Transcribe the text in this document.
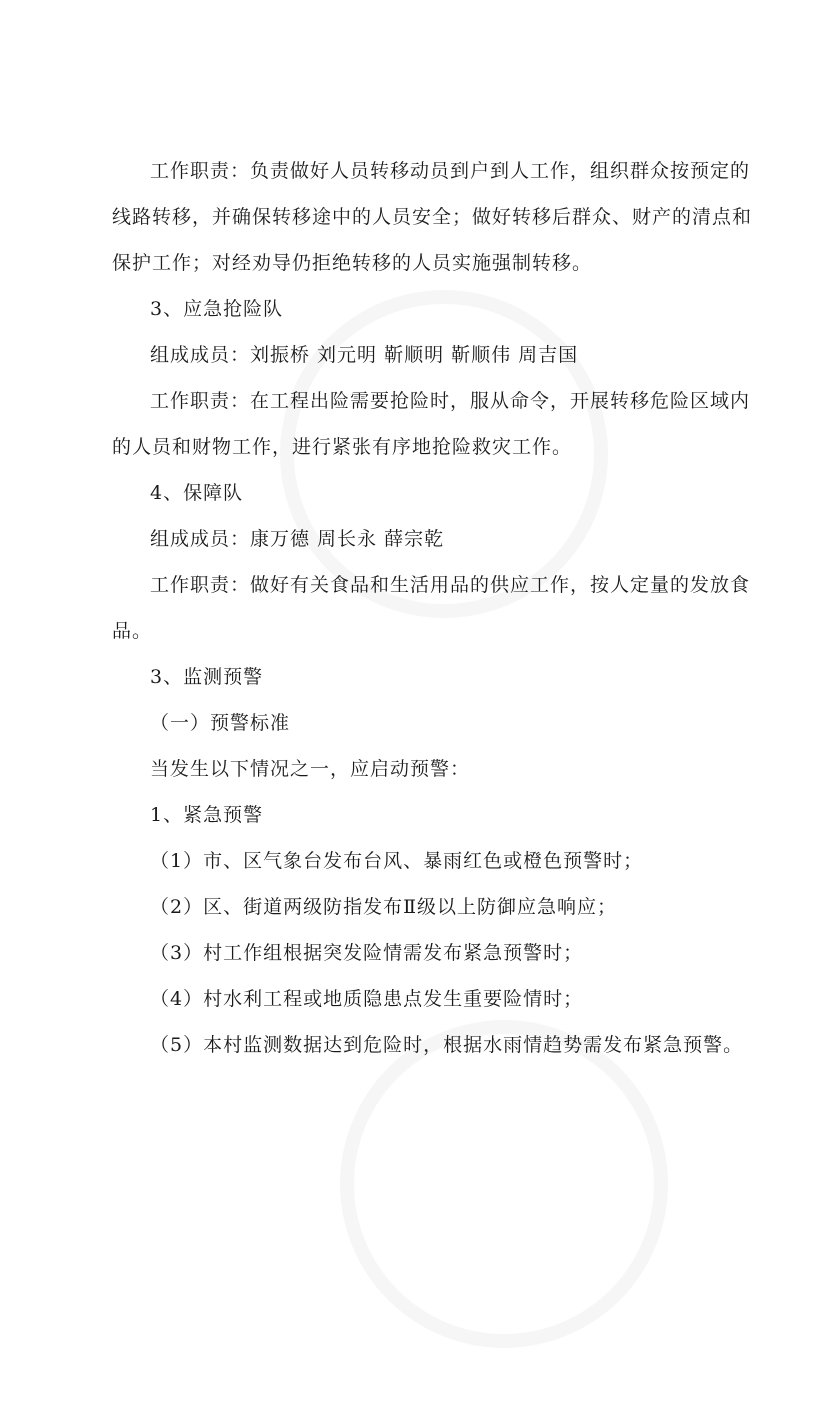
工作职责：负责做好人员转移动员到户到人工作，组织群众按预定的
线路转移，并确保转移途中的人员安全；做好转移后群众、财产的清点和
保护工作；对经劝导仍拒绝转移的人员实施强制转移。
3、应急抢险队
组成成员：刘振桥 刘元明 靳顺明 靳顺伟 周吉国
工作职责：在工程出险需要抢险时，服从命令，开展转移危险区域内
的人员和财物工作，进行紧张有序地抢险救灾工作。
4、保障队
组成成员：康万德 周长永 薛宗乾
工作职责：做好有关食品和生活用品的供应工作，按人定量的发放食
品。
3、监测预警
（一）预警标准
当发生以下情况之一，应启动预警：
1、紧急预警
（1）市、区气象台发布台风、暴雨红色或橙色预警时；
（2）区、街道两级防指发布Ⅱ级以上防御应急响应；
（3）村工作组根据突发险情需发布紧急预警时；
（4）村水利工程或地质隐患点发生重要险情时；
（5）本村监测数据达到危险时，根据水雨情趋势需发布紧急预警。
